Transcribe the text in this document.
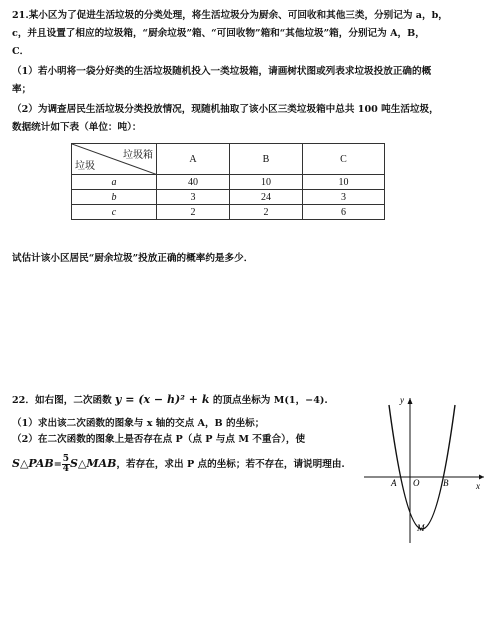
21.某小区为了促进生活垃圾的分类处理，将生活垃圾分为厨余、可回收和其他三类，分别记为 a，b，
c，并且设置了相应的垃圾箱，“厨余垃圾”箱、“可回收物”箱和“其他垃圾”箱，分别记为 A，B，
C．
（1）若小明将一袋分好类的生活垃圾随机投入一类垃圾箱，请画树状图或列表求垃圾投放正确的概
率；
（2）为调查居民生活垃圾分类投放情况，现随机抽取了该小区三类垃圾箱中总共 100 吨生活垃圾，
数据统计如下表（单位：吨）：
垃圾箱
垃圾	A	B	C
a	40	10	10
b	3	24	3
c	2	2	6
试估计该小区居民“厨余垃圾”投放正确的概率约是多少．
22．如右图，二次函数 y = (x − h)² + k 的顶点坐标为 M(1，−4).
（1）求出该二次函数的图象与 x 轴的交点 A，B 的坐标；
（2）在二次函数的图象上是否存在点 P（点 P 与点 M 不重合），使
S△PAB= $\frac{5}{4}$ S△MAB，若存在，求出 P 点的坐标；若不存在，请说明理由.
y
x
A O	B
M
